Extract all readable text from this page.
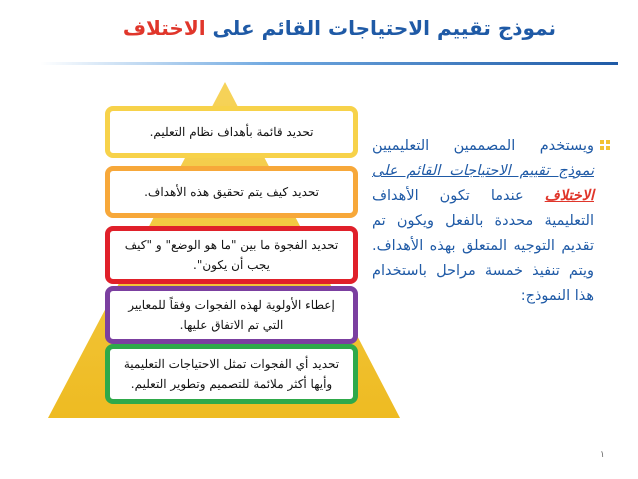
نموذج تقييم الاحتياجات القائم على الاختلاف
تحديد قائمة بأهداف نظام التعليم.
تحديد كيف يتم تحقيق هذه الأهداف.
تحديد الفجوة ما بين "ما هو الوضع" و "كيف يجب أن يكون".
إعطاء الأولوية لهذه الفجوات وفقاً للمعايير التي تم الاتفاق عليها.
تحديد أي الفجوات تمثل الاحتياجات التعليمية وأيها أكثر ملائمة للتصميم وتطوير التعليم.
ويستخدم المصممين التعليميين نموذج تقييم الاحتياجات القائم على الاختلاف عندما تكون الأهداف التعليمية محددة بالفعل ويكون تم تقديم التوجيه المتعلق بهذه الأهداف. ويتم تنفيذ خمسة مراحل باستخدام هذا النموذج:
١
